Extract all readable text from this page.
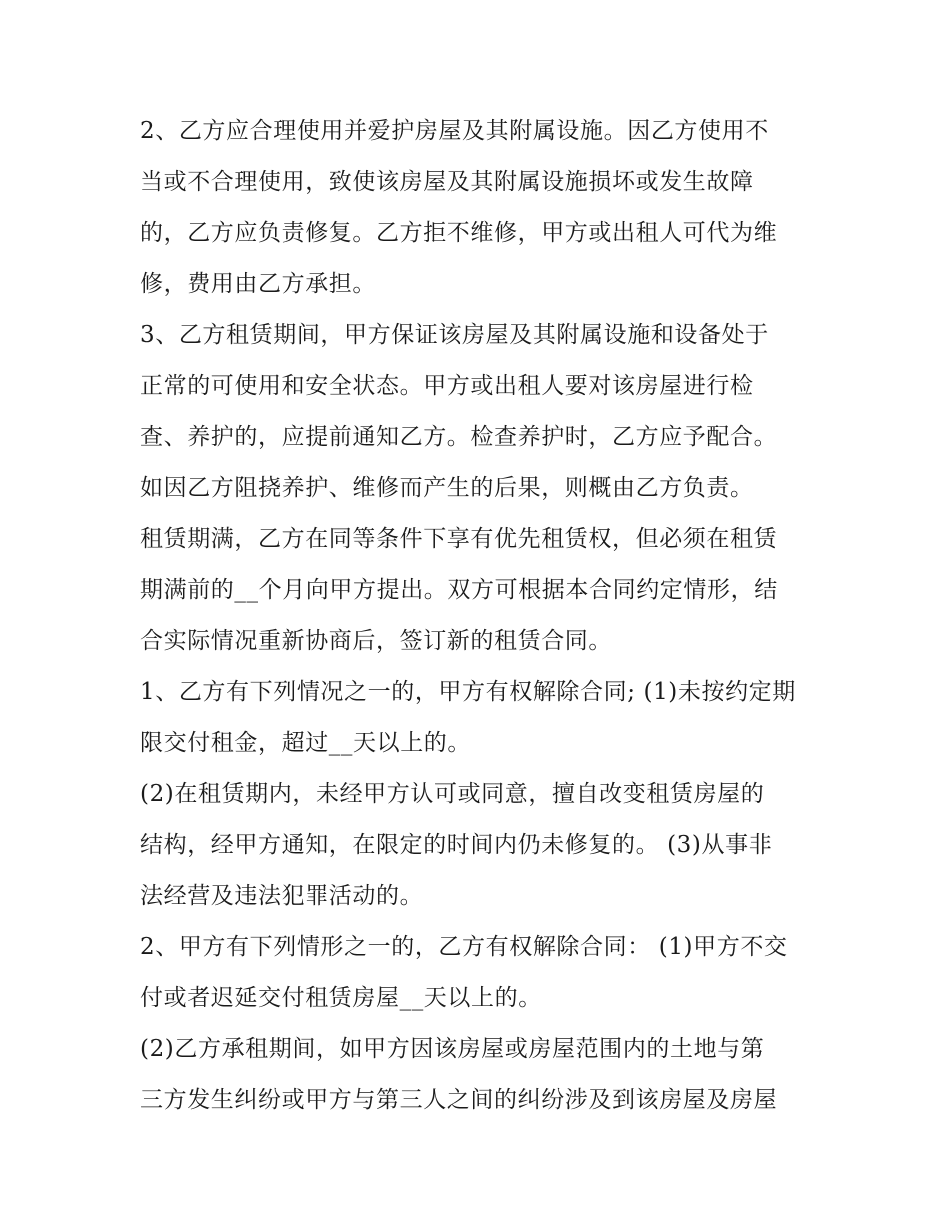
2、乙方应合理使用并爱护房屋及其附属设施。因乙方使用不
当或不合理使用，致使该房屋及其附属设施损坏或发生故障
的，乙方应负责修复。乙方拒不维修，甲方或出租人可代为维
修，费用由乙方承担。
3、乙方租赁期间，甲方保证该房屋及其附属设施和设备处于
正常的可使用和安全状态。甲方或出租人要对该房屋进行检
查、养护的，应提前通知乙方。检查养护时，乙方应予配合。
如因乙方阻挠养护、维修而产生的后果，则概由乙方负责。
租赁期满，乙方在同等条件下享有优先租赁权，但必须在租赁
期满前的__个月向甲方提出。双方可根据本合同约定情形，结
合实际情况重新协商后，签订新的租赁合同。
1、乙方有下列情况之一的，甲方有权解除合同; (1)未按约定期
限交付租金，超过__天以上的。
(2)在租赁期内，未经甲方认可或同意，擅自改变租赁房屋的
结构，经甲方通知，在限定的时间内仍未修复的。 (3)从事非
法经营及违法犯罪活动的。
2、甲方有下列情形之一的，乙方有权解除合同： (1)甲方不交
付或者迟延交付租赁房屋__天以上的。
(2)乙方承租期间，如甲方因该房屋或房屋范围内的土地与第
三方发生纠纷或甲方与第三人之间的纠纷涉及到该房屋及房屋
